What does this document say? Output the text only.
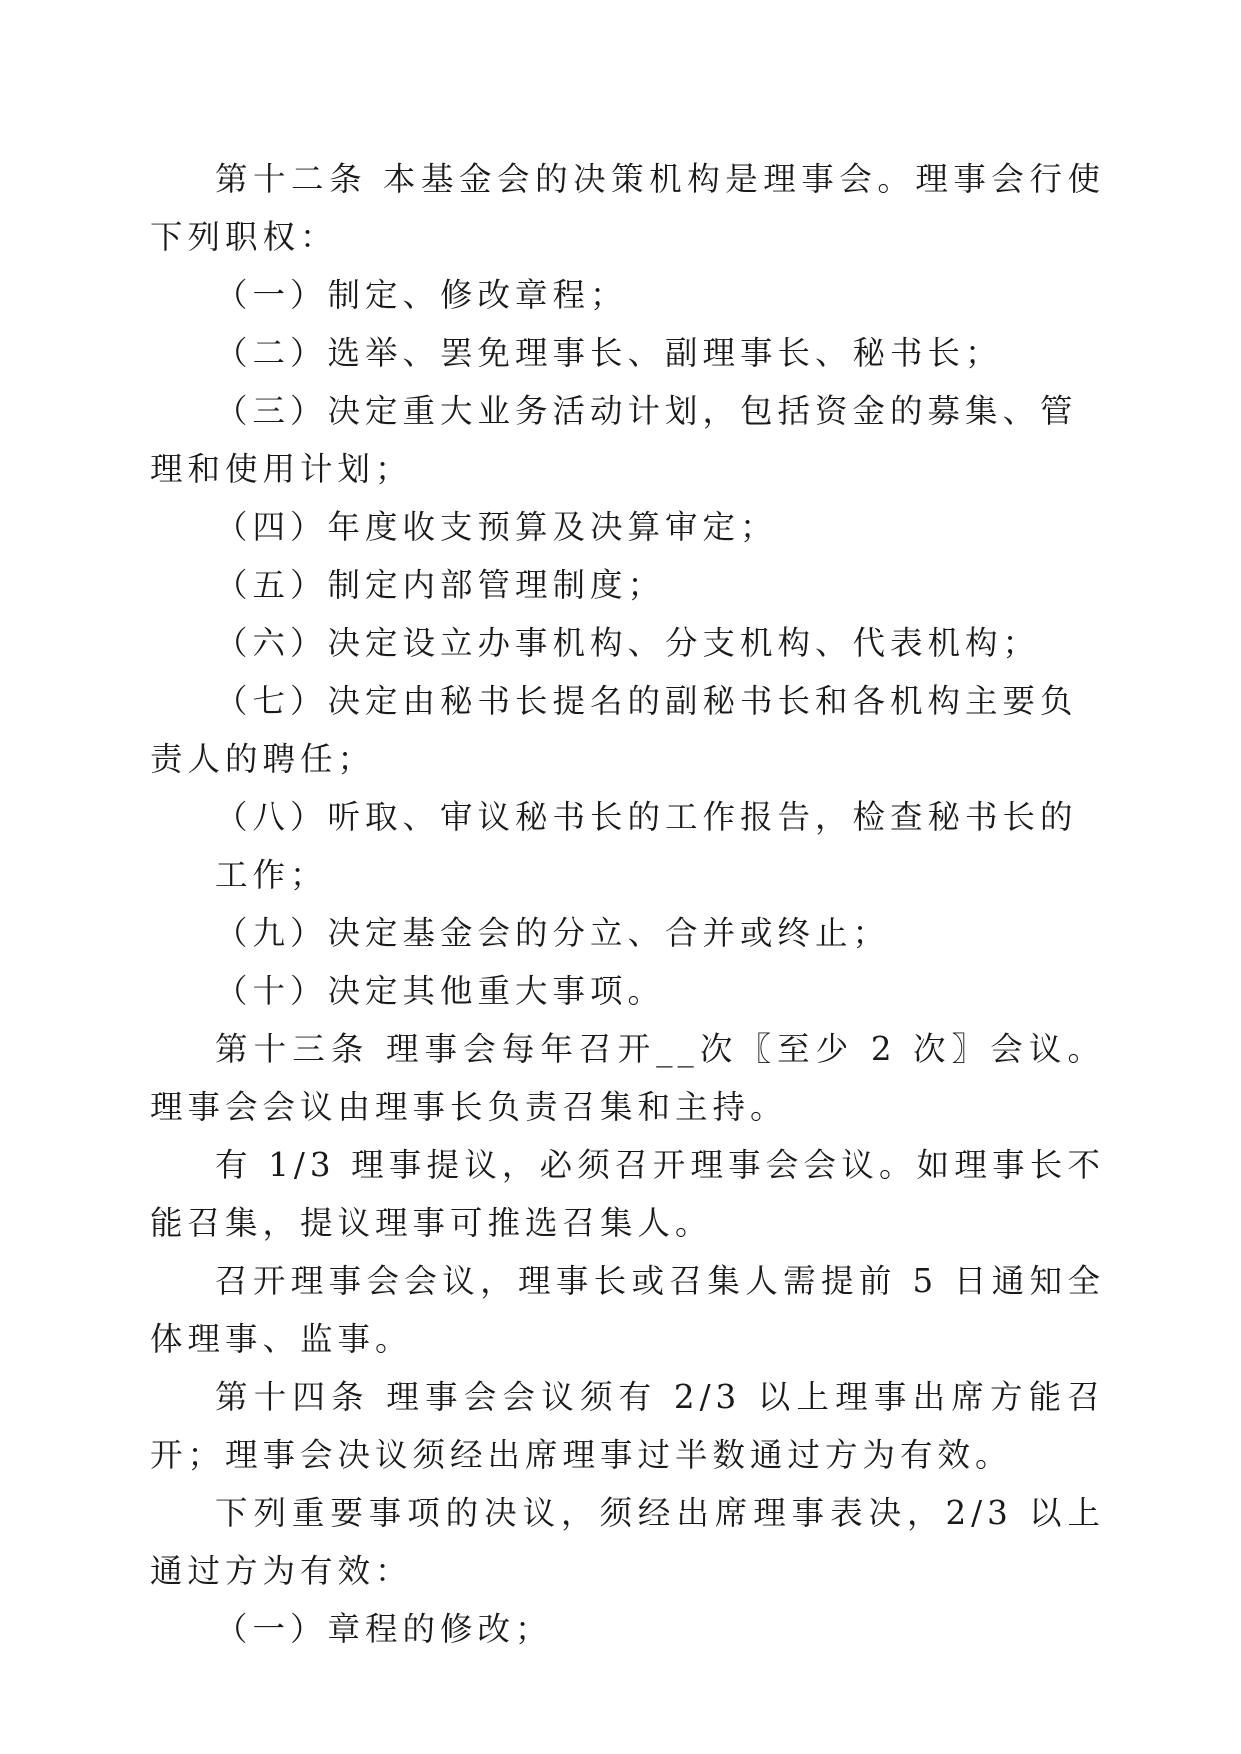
第十二条 本基金会的决策机构是理事会。理事会行使下列职权：

（一）制定、修改章程；

（二）选举、罢免理事长、副理事长、秘书长；

（三）决定重大业务活动计划，包括资金的募集、管理和使用计划；

（四）年度收支预算及决算审定；

（五）制定内部管理制度；

（六）决定设立办事机构、分支机构、代表机构；

（七）决定由秘书长提名的副秘书长和各机构主要负责人的聘任；

（八）听取、审议秘书长的工作报告，检查秘书长的工作；

（九）决定基金会的分立、合并或终止；

（十）决定其他重大事项。

第十三条 理事会每年召开__次〖至少 2 次〗会议。理事会会议由理事长负责召集和主持。

有 1/3 理事提议，必须召开理事会会议。如理事长不能召集，提议理事可推选召集人。

召开理事会会议，理事长或召集人需提前 5 日通知全体理事、监事。

第十四条 理事会会议须有 2/3 以上理事出席方能召开；理事会决议须经出席理事过半数通过方为有效。

下列重要事项的决议，须经出席理事表决，2/3 以上通过方为有效：

（一）章程的修改；
